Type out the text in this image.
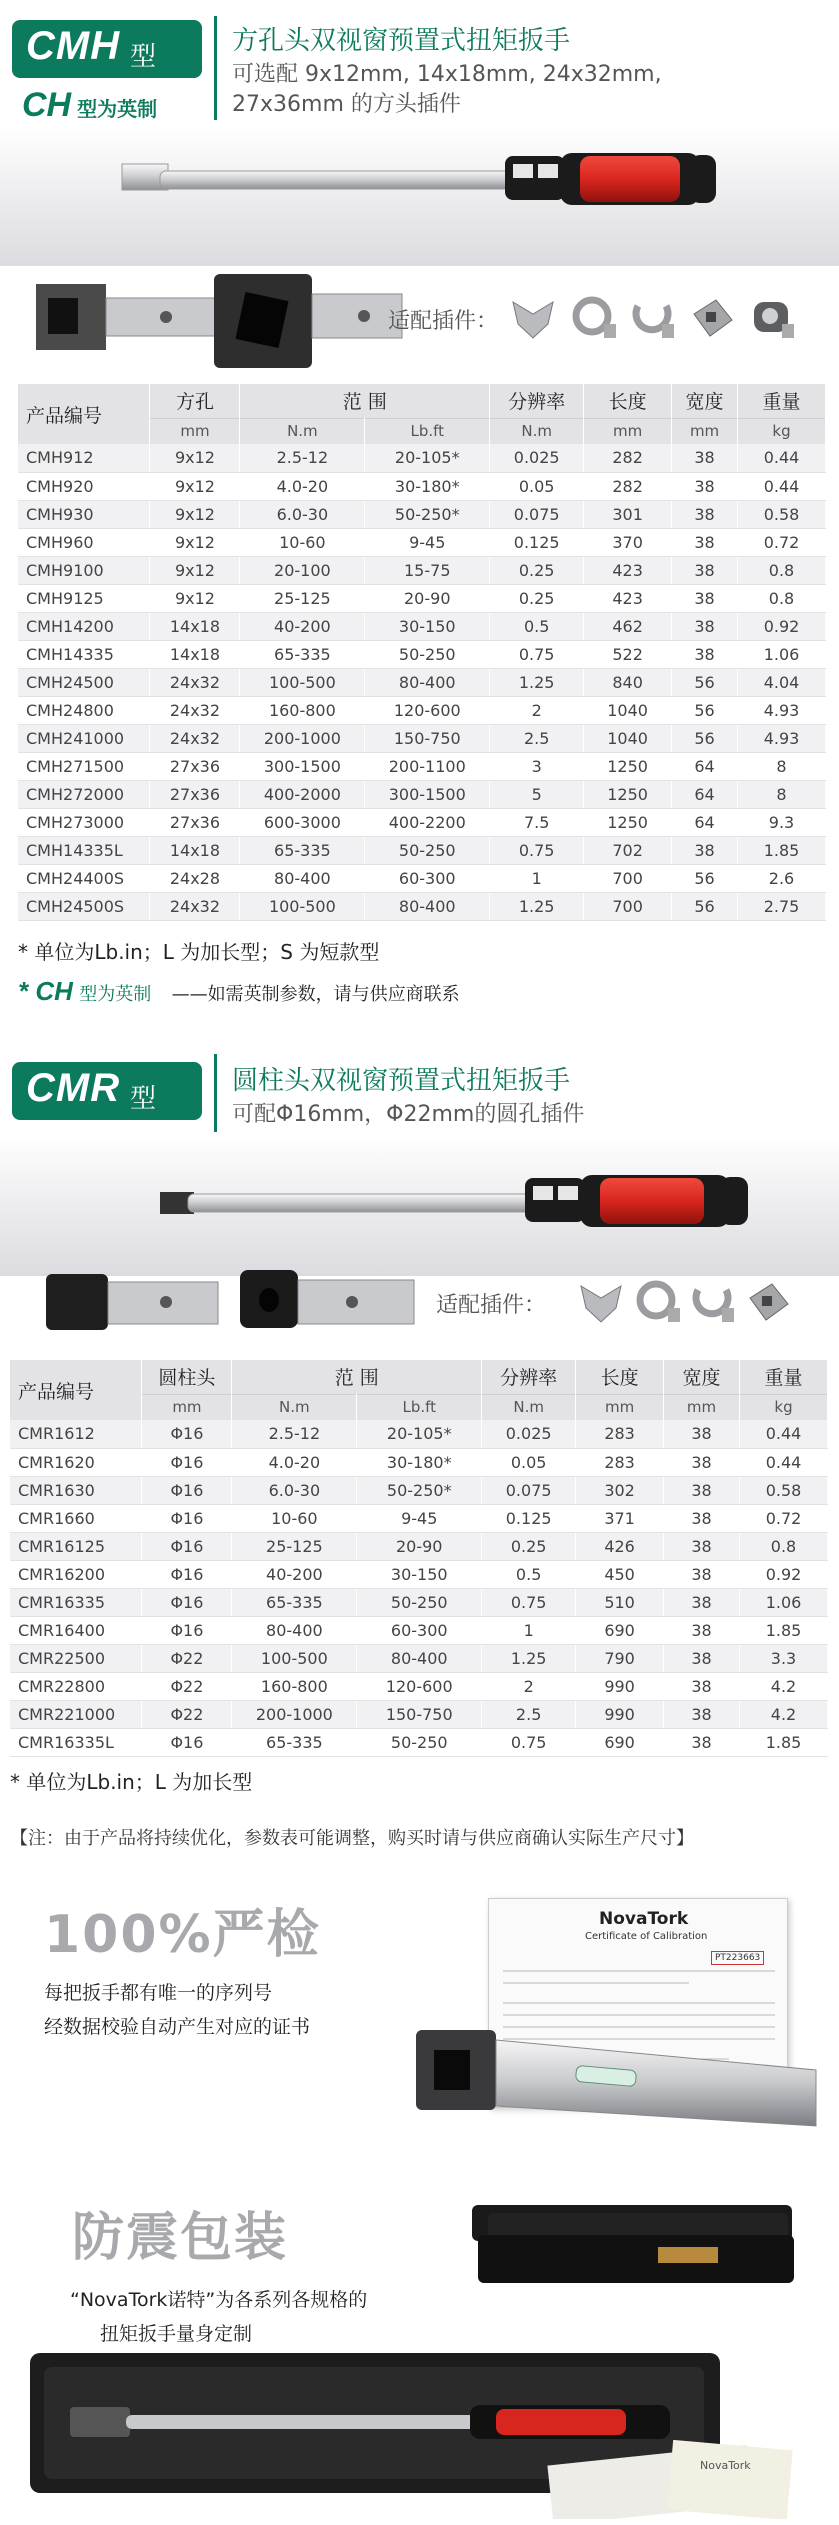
CMH 型
CH 型为英制
方孔头双视窗预置式扭矩扳手
可选配 9x12mm, 14x18mm, 24x32mm,
27x36mm 的方头插件
适配插件：
产品编号	方孔	范 围		分辨率	长度	宽度	重量
	mm	N.m	Lb.ft	N.m	mm	mm	kg
CMH912	9x12	2.5-12	20-105*	0.025	282	38	0.44
CMH920	9x12	4.0-20	30-180*	0.05	282	38	0.44
CMH930	9x12	6.0-30	50-250*	0.075	301	38	0.58
CMH960	9x12	10-60	9-45	0.125	370	38	0.72
CMH9100	9x12	20-100	15-75	0.25	423	38	0.8
CMH9125	9x12	25-125	20-90	0.25	423	38	0.8
CMH14200	14x18	40-200	30-150	0.5	462	38	0.92
CMH14335	14x18	65-335	50-250	0.75	522	38	1.06
CMH24500	24x32	100-500	80-400	1.25	840	56	4.04
CMH24800	24x32	160-800	120-600	2	1040	56	4.93
CMH241000	24x32	200-1000	150-750	2.5	1040	56	4.93
CMH271500	27x36	300-1500	200-1100	3	1250	64	8
CMH272000	27x36	400-2000	300-1500	5	1250	64	8
CMH273000	27x36	600-3000	400-2200	7.5	1250	64	9.3
CMH14335L	14x18	65-335	50-250	0.75	702	38	1.85
CMH24400S	24x28	80-400	60-300	1	700	56	2.6
CMH24500S	24x32	100-500	80-400	1.25	700	56	2.75
* 单位为Lb.in；L 为加长型；S 为短款型
* CH 型为英制 ——如需英制参数，请与供应商联系
CMR 型
圆柱头双视窗预置式扭矩扳手
可配Φ16mm，Φ22mm的圆孔插件
适配插件：
产品编号	圆柱头	范 围		分辨率	长度	宽度	重量
	mm	N.m	Lb.ft	N.m	mm	mm	kg
CMR1612	Φ16	2.5-12	20-105*	0.025	283	38	0.44
CMR1620	Φ16	4.0-20	30-180*	0.05	283	38	0.44
CMR1630	Φ16	6.0-30	50-250*	0.075	302	38	0.58
CMR1660	Φ16	10-60	9-45	0.125	371	38	0.72
CMR16125	Φ16	25-125	20-90	0.25	426	38	0.8
CMR16200	Φ16	40-200	30-150	0.5	450	38	0.92
CMR16335	Φ16	65-335	50-250	0.75	510	38	1.06
CMR16400	Φ16	80-400	60-300	1	690	38	1.85
CMR22500	Φ22	100-500	80-400	1.25	790	38	3.3
CMR22800	Φ22	160-800	120-600	2	990	38	4.2
CMR221000	Φ22	200-1000	150-750	2.5	990	38	4.2
CMR16335L	Φ16	65-335	50-250	0.75	690	38	1.85
* 单位为Lb.in；L 为加长型
【注：由于产品将持续优化，参数表可能调整，购买时请与供应商确认实际生产尺寸】
100%严检
每把扳手都有唯一的序列号
经数据校验自动产生对应的证书
NovaTork
Certificate of Calibration
PT223663
防震包装
“NovaTork诺特”为各系列各规格的
扭矩扳手量身定制
NovaTork
